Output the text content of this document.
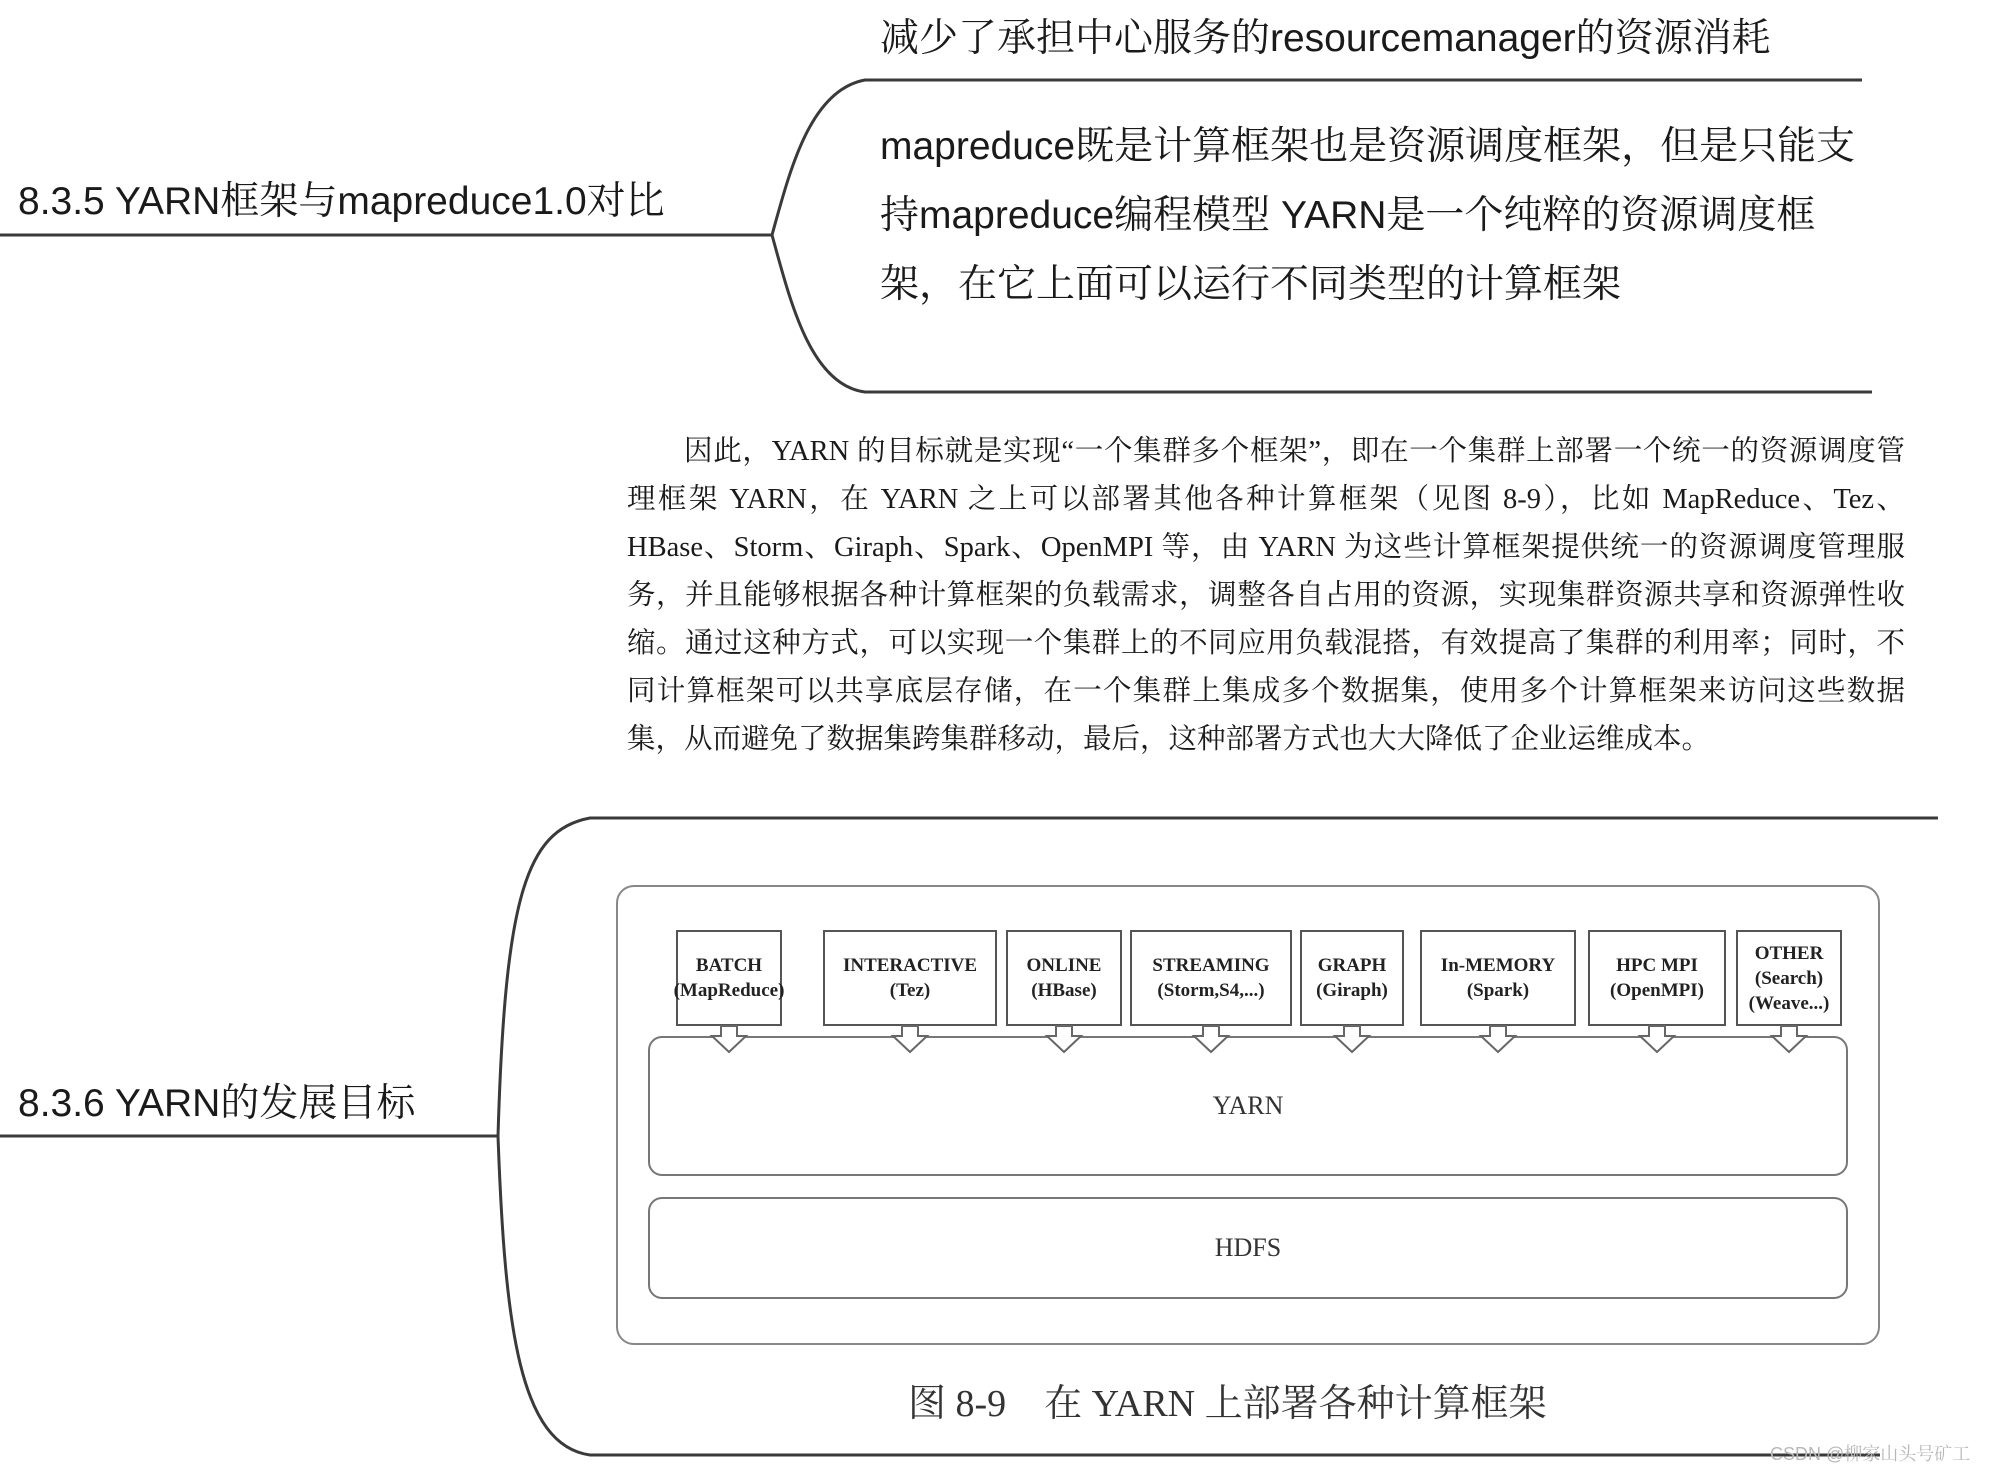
8.3.5 YARN框架与mapreduce1.0对比
减少了承担中心服务的resourcemanager的资源消耗
mapreduce既是计算框架也是资源调度框架，但是只能支持mapreduce编程模型 YARN是一个纯粹的资源调度框架，在它上面可以运行不同类型的计算框架
8.3.6 YARN的发展目标
因此，YARN 的目标就是实现“一个集群多个框架”，即在一个集群上部署一个统一的资源调度管理框架 YARN，在 YARN 之上可以部署其他各种计算框架（见图 8-9），比如 MapReduce、Tez、HBase、Storm、Giraph、Spark、OpenMPI 等，由 YARN 为这些计算框架提供统一的资源调度管理服务，并且能够根据各种计算框架的负载需求，调整各自占用的资源，实现集群资源共享和资源弹性收缩。通过这种方式，可以实现一个集群上的不同应用负载混搭，有效提高了集群的利用率；同时，不同计算框架可以共享底层存储，在一个集群上集成多个数据集，使用多个计算框架来访问这些数据集，从而避免了数据集跨集群移动，最后，这种部署方式也大大降低了企业运维成本。
BATCH
(MapReduce)
INTERACTIVE
(Tez)
ONLINE
(HBase)
STREAMING
(Storm,S4,...)
GRAPH
(Giraph)
In-MEMORY
(Spark)
HPC MPI
(OpenMPI)
OTHER
(Search)
(Weave...)
YARN
HDFS
图 8-9    在 YARN 上部署各种计算框架
CSDN @柳家山头号矿工
